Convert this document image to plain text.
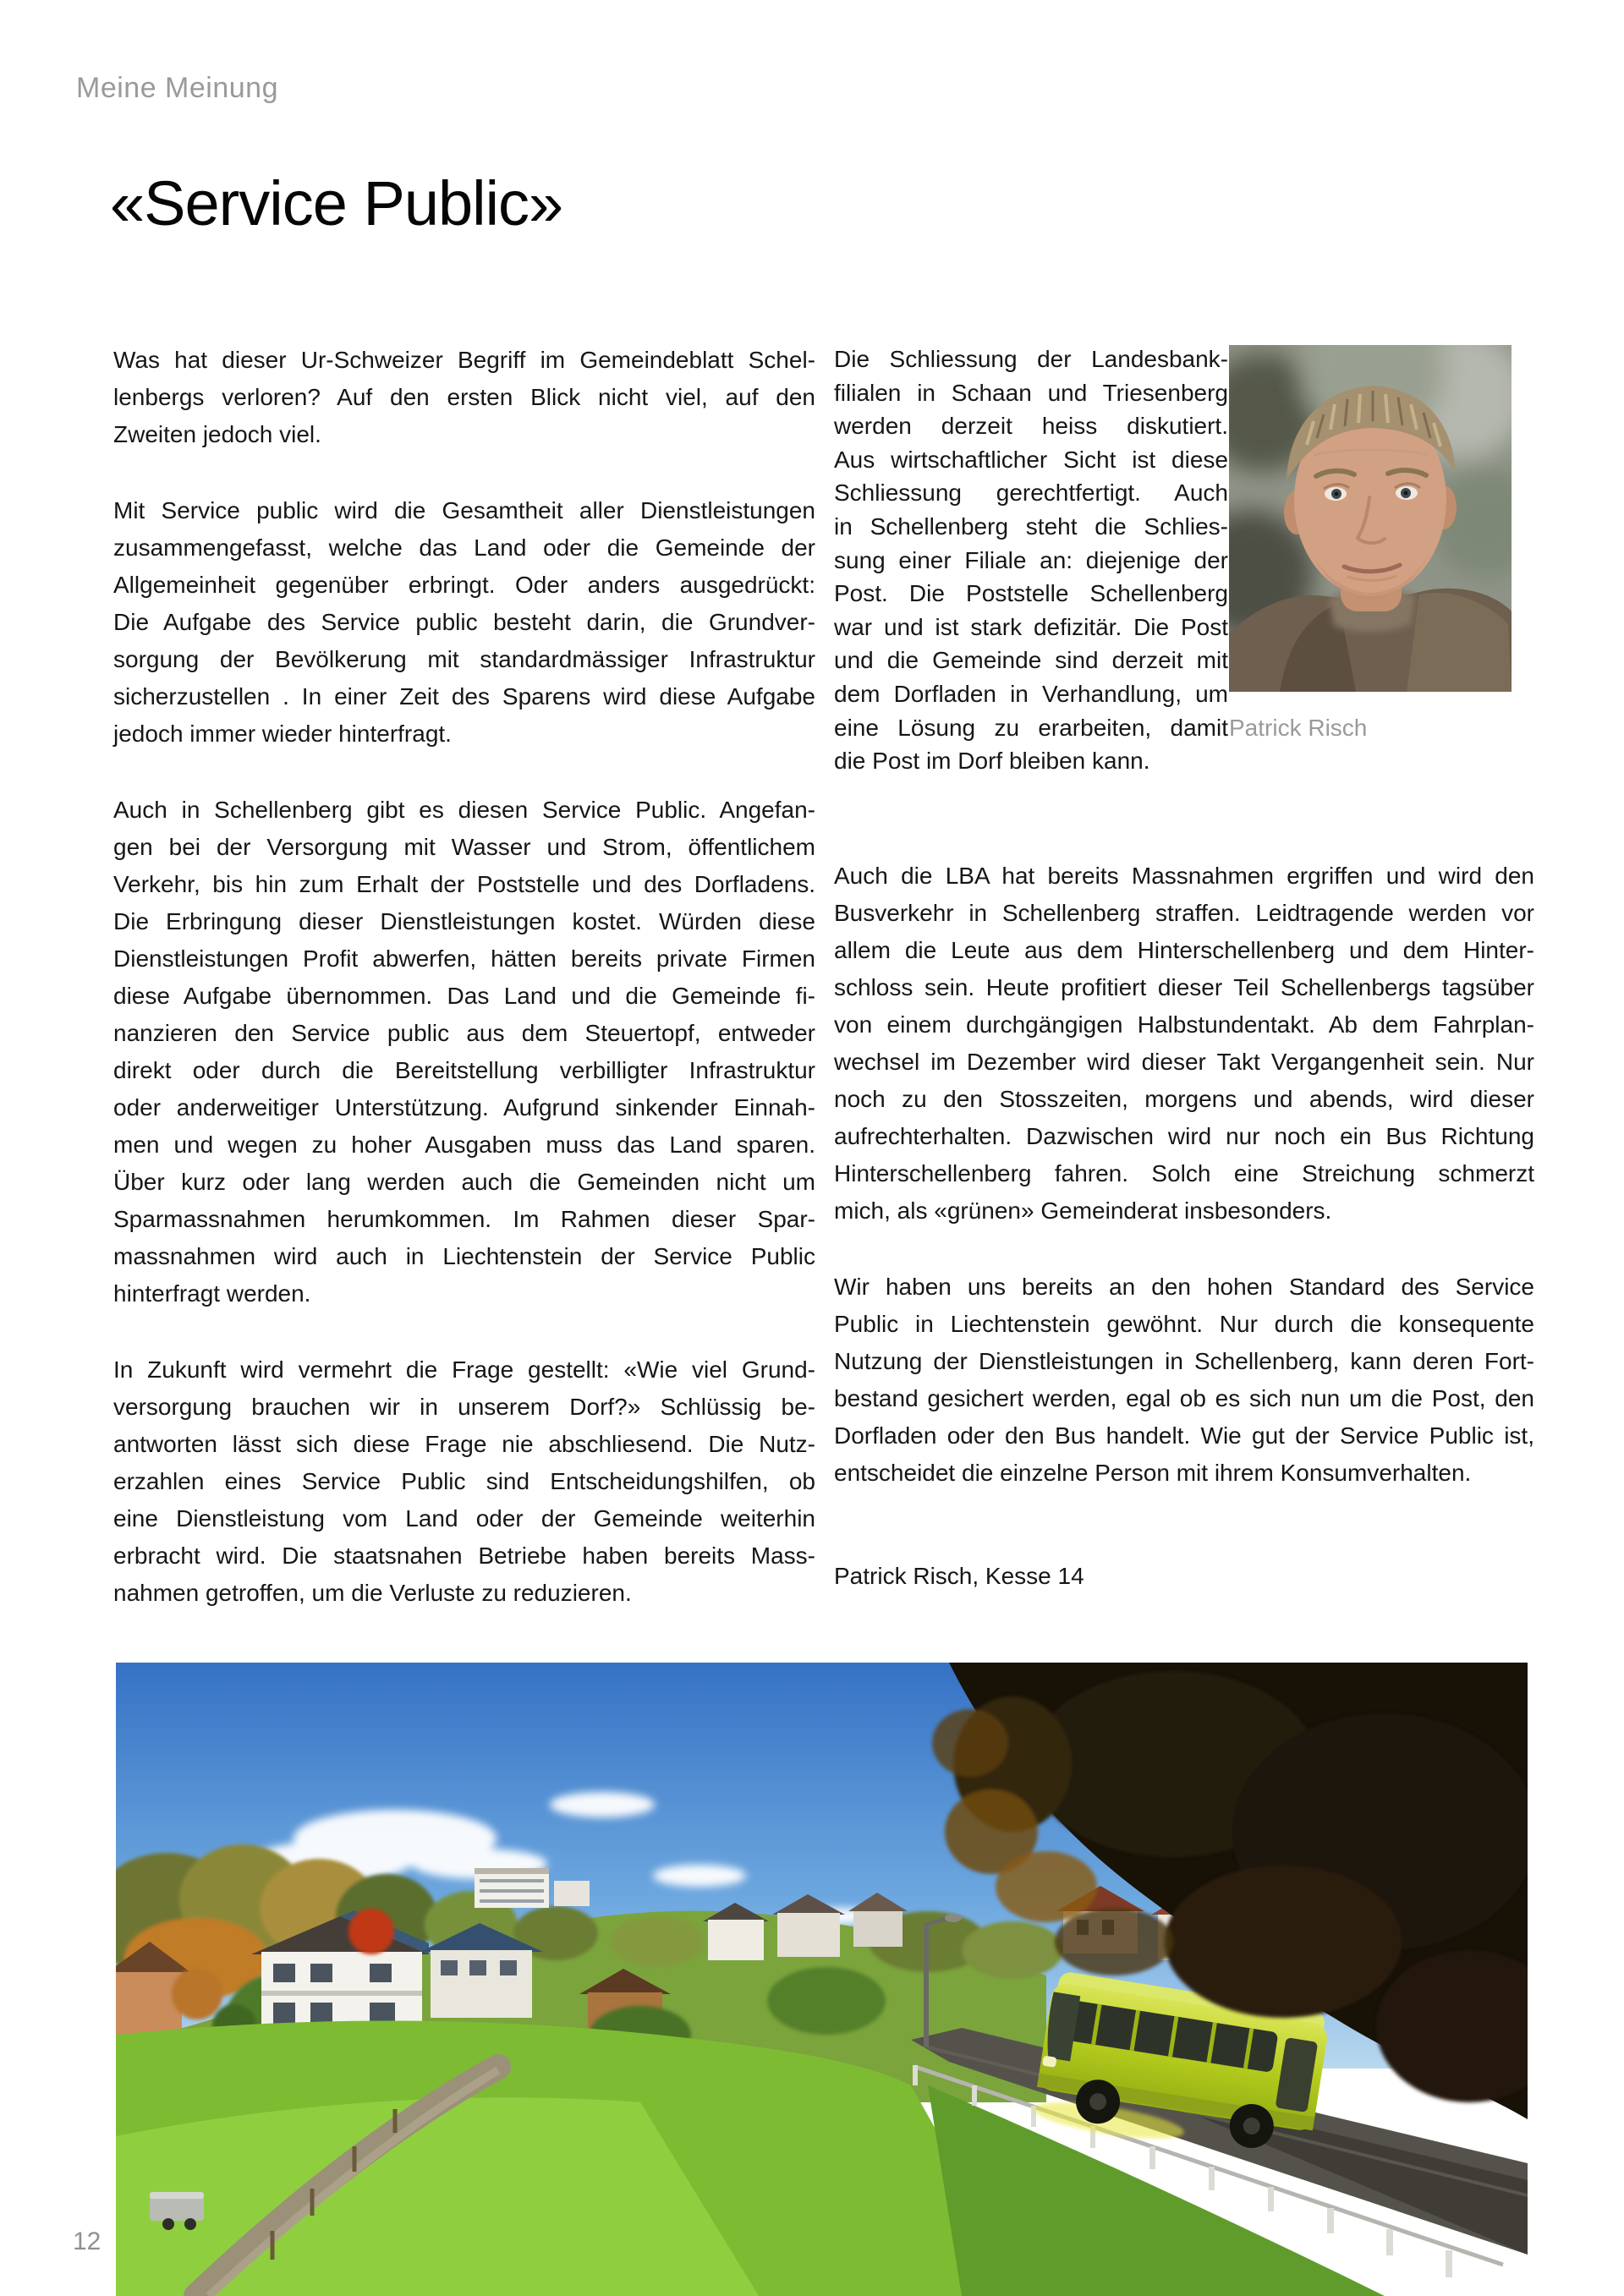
Meine Meinung
«Service Public»
Was hat dieser Ur-Schweizer Begriff im Gemeindeblatt Schel-
lenbergs verloren? Auf den ersten Blick nicht viel, auf den
Zweiten jedoch viel.
Mit Service public wird die Gesamtheit aller Dienstleistungen
zusammengefasst, welche das Land oder die Gemeinde der
Allgemeinheit gegenüber erbringt. Oder anders ausgedrückt:
Die Aufgabe des Service public besteht darin, die Grundver-
sorgung der Bevölkerung mit standardmässiger Infrastruktur
sicherzustellen . In einer Zeit des Sparens wird diese Aufgabe
jedoch immer wieder hinterfragt.
Auch in Schellenberg gibt es diesen Service Public. Angefan-
gen bei der Versorgung mit Wasser und Strom, öffentlichem
Verkehr, bis hin zum Erhalt der Poststelle und des Dorfladens.
Die Erbringung dieser Dienstleistungen kostet. Würden diese
Dienstleistungen Profit abwerfen, hätten bereits private Firmen
diese Aufgabe übernommen. Das Land und die Gemeinde fi-
nanzieren den Service public aus dem Steuertopf, entweder
direkt oder durch die Bereitstellung verbilligter Infrastruktur
oder anderweitiger Unterstützung. Aufgrund sinkender Einnah-
men und wegen zu hoher Ausgaben muss das Land sparen.
Über kurz oder lang werden auch die Gemeinden nicht um
Sparmassnahmen herumkommen. Im Rahmen dieser Spar-
massnahmen wird auch in Liechtenstein der Service Public
hinterfragt werden.
In Zukunft wird vermehrt die Frage gestellt: «Wie viel Grund-
versorgung brauchen wir in unserem Dorf?» Schlüssig be-
antworten lässt sich diese Frage nie abschliesend. Die Nutz-
erzahlen eines Service Public sind Entscheidungshilfen, ob
eine Dienstleistung vom Land oder der Gemeinde weiterhin
erbracht wird. Die staatsnahen Betriebe haben bereits Mass-
nahmen getroffen, um die Verluste zu reduzieren.
Die Schliessung der Landesbank-
filialen in Schaan und Triesenberg
werden derzeit heiss diskutiert.
Aus wirtschaftlicher Sicht ist diese
Schliessung gerechtfertigt. Auch
in Schellenberg steht die Schlies-
sung einer Filiale an: diejenige der
Post. Die Poststelle Schellenberg
war und ist stark defizitär. Die Post
und die Gemeinde sind derzeit mit
dem Dorfladen in Verhandlung, um
eine Lösung zu erarbeiten, damit
die Post im Dorf bleiben kann.
Patrick Risch
Auch die LBA hat bereits Massnahmen ergriffen und wird den
Busverkehr in Schellenberg straffen. Leidtragende werden vor
allem die Leute aus dem Hinterschellenberg und dem Hinter-
schloss sein. Heute profitiert dieser Teil Schellenbergs tagsüber
von einem durchgängigen Halbstundentakt. Ab dem Fahrplan-
wechsel im Dezember wird dieser Takt Vergangenheit sein. Nur
noch zu den Stosszeiten, morgens und abends, wird dieser
aufrechterhalten. Dazwischen wird nur noch ein Bus Richtung
Hinterschellenberg fahren. Solch eine Streichung schmerzt
mich, als «grünen» Gemeinderat insbesonders.
Wir haben uns bereits an den hohen Standard des Service
Public in Liechtenstein gewöhnt. Nur durch die konsequente
Nutzung der Dienstleistungen in Schellenberg, kann deren Fort-
bestand gesichert werden, egal ob es sich nun um die Post, den
Dorfladen oder den Bus handelt. Wie gut der Service Public ist,
entscheidet die einzelne Person mit ihrem Konsumverhalten.
Patrick Risch, Kesse 14
12
